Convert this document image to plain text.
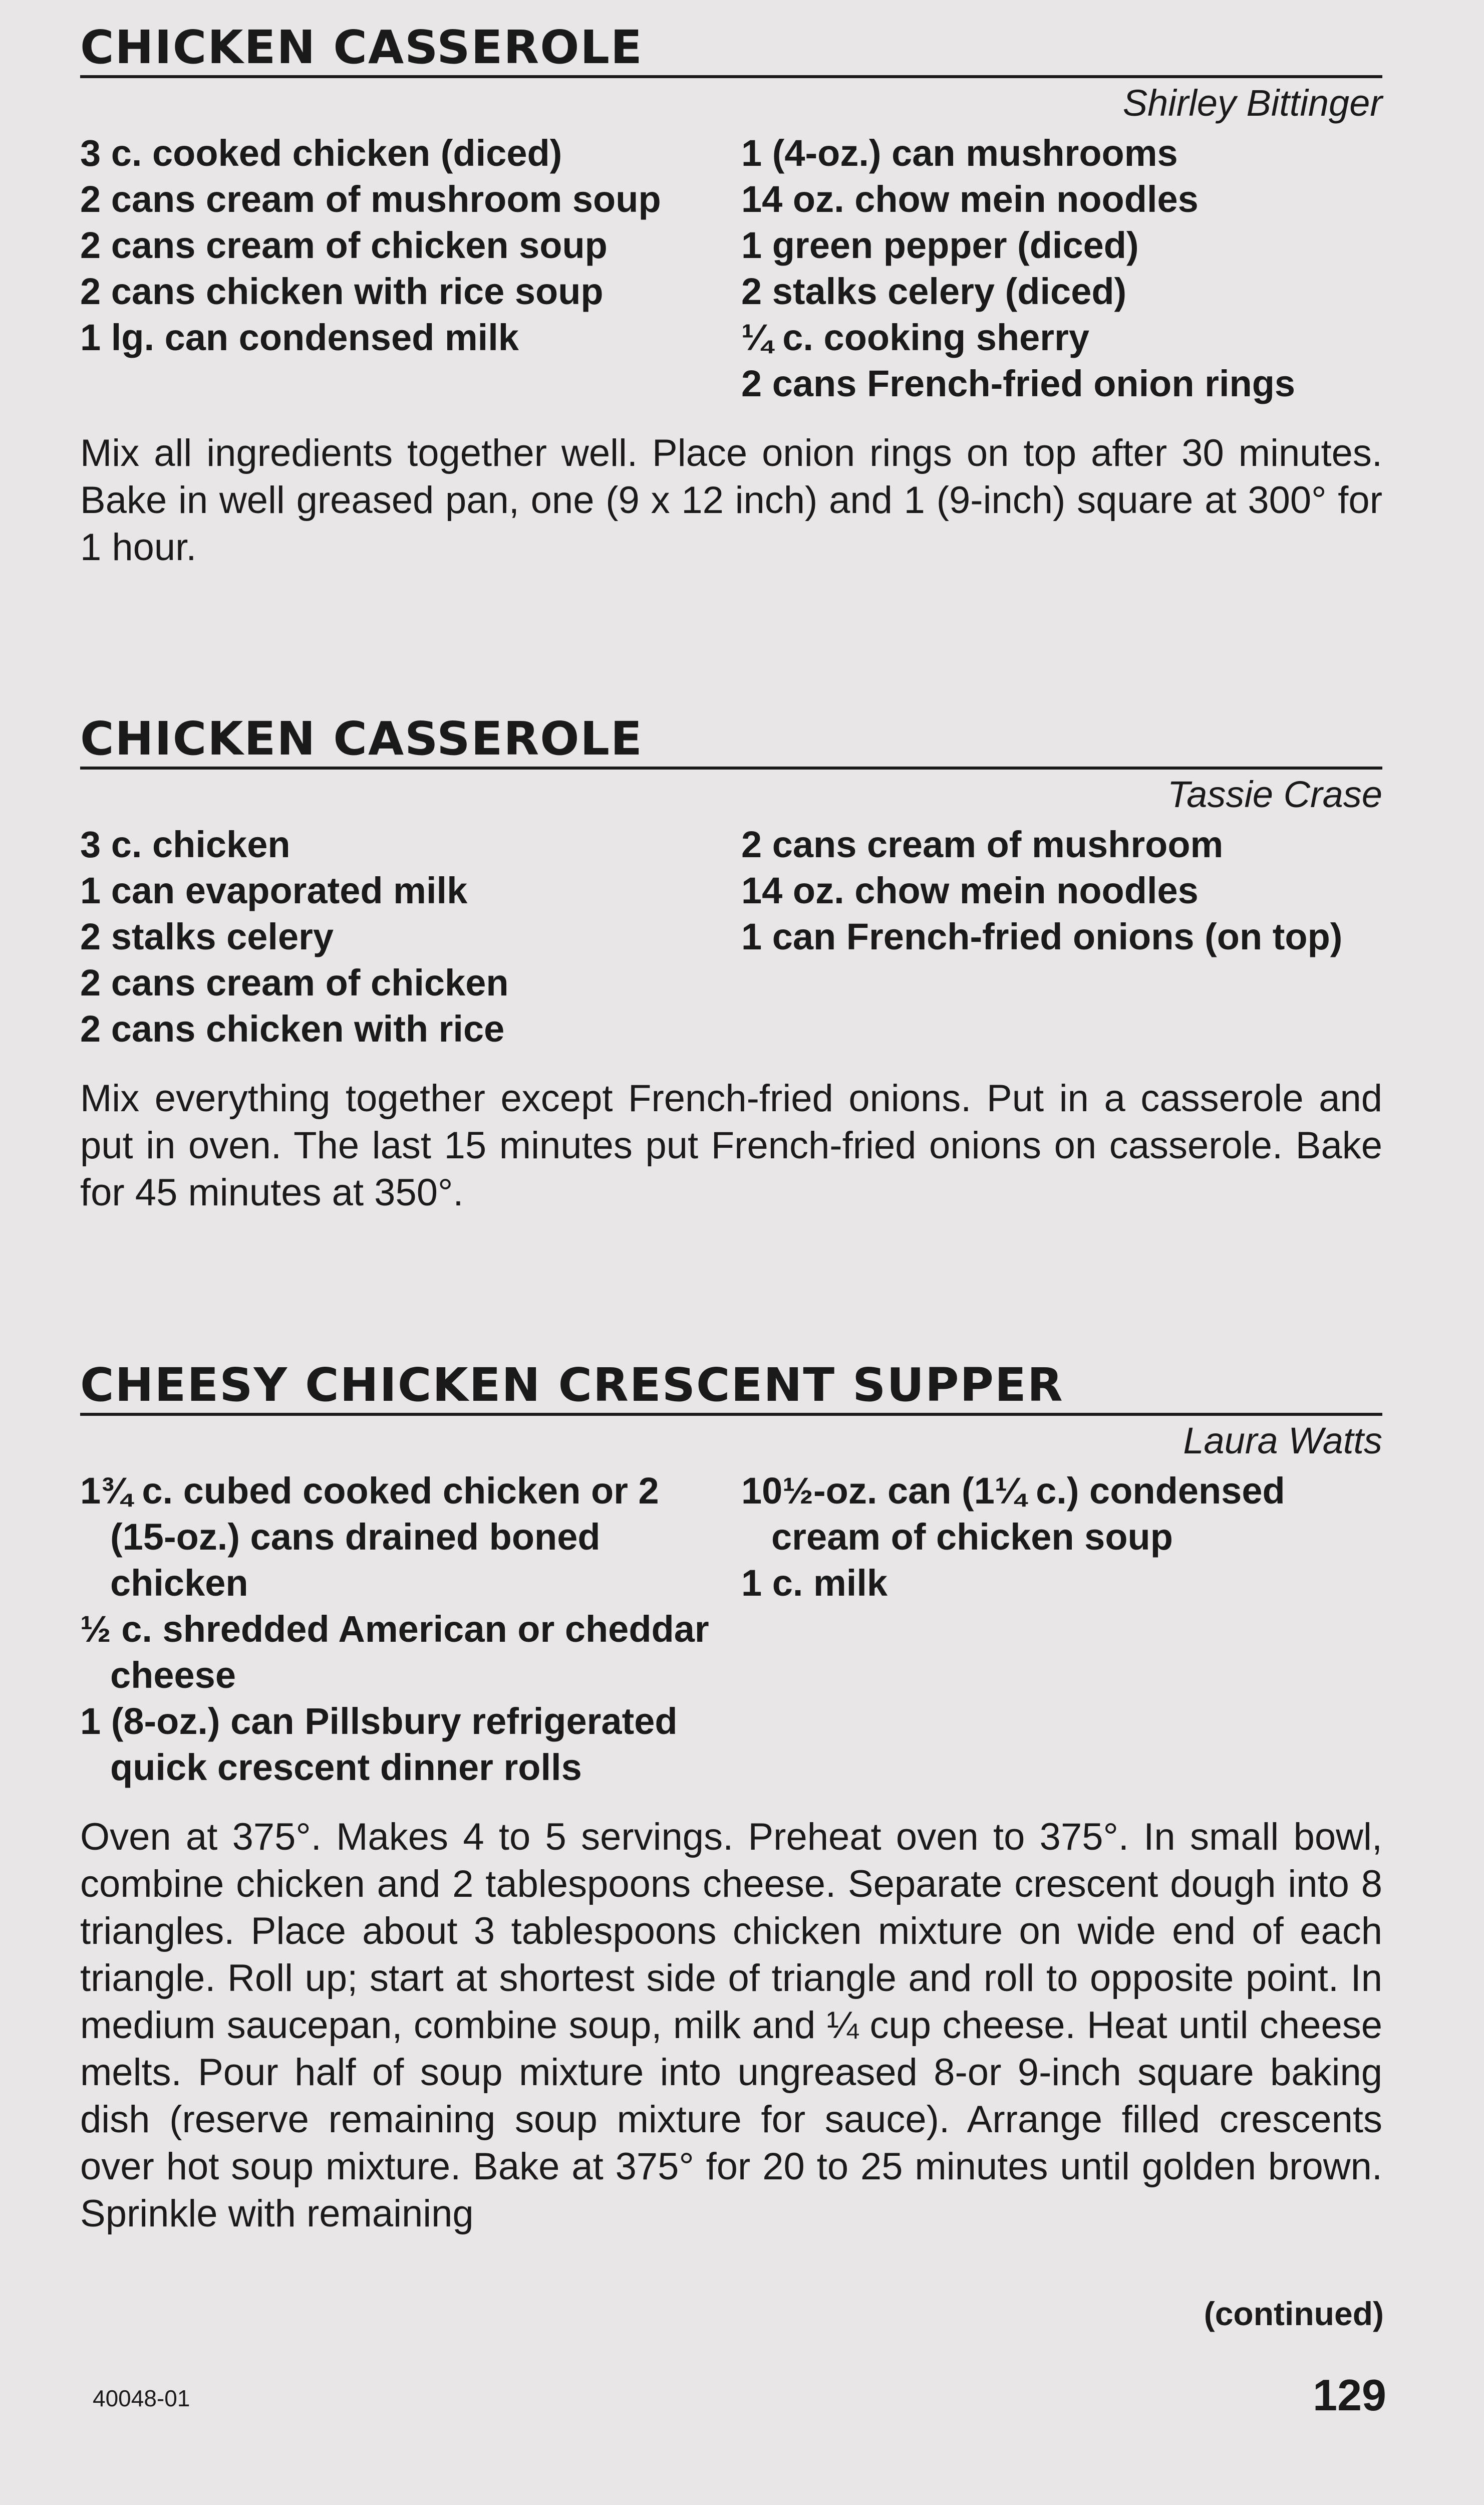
CHICKEN CASSEROLE
Shirley Bittinger
3 c. cooked chicken (diced)
2 cans cream of mushroom soup
2 cans cream of chicken soup
2 cans chicken with rice soup
1 lg. can condensed milk
1 (4-oz.) can mushrooms
14 oz. chow mein noodles
1 green pepper (diced)
2 stalks celery (diced)
¼ c. cooking sherry
2 cans French-fried onion rings
Mix all ingredients together well. Place onion rings on top after 30 minutes. Bake in well greased pan, one (9 x 12 inch) and 1 (9-inch) square at 300° for 1 hour.
CHICKEN CASSEROLE
Tassie Crase
3 c. chicken
1 can evaporated milk
2 stalks celery
2 cans cream of chicken
2 cans chicken with rice
2 cans cream of mushroom
14 oz. chow mein noodles
1 can French-fried onions (on top)
Mix everything together except French-fried onions. Put in a casserole and put in oven. The last 15 minutes put French-fried onions on casserole. Bake for 45 minutes at 350°.
CHEESY CHICKEN CRESCENT SUPPER
Laura Watts
1¾ c. cubed cooked chicken or 2 (15-oz.) cans drained boned chicken
½ c. shredded American or cheddar cheese
1 (8-oz.) can Pillsbury refrigerated quick crescent dinner rolls
10½-oz. can (1¼ c.) condensed cream of chicken soup
1 c. milk
Oven at 375°. Makes 4 to 5 servings. Preheat oven to 375°. In small bowl, combine chicken and 2 tablespoons cheese. Separate crescent dough into 8 triangles. Place about 3 tablespoons chicken mixture on wide end of each triangle. Roll up; start at shortest side of triangle and roll to opposite point. In medium saucepan, combine soup, milk and ¼ cup cheese. Heat until cheese melts. Pour half of soup mixture into ungreased 8-or 9-inch square baking dish (reserve remaining soup mixture for sauce). Arrange filled crescents over hot soup mixture. Bake at 375° for 20 to 25 minutes until golden brown. Sprinkle with remaining
(continued)
40048-01	129
